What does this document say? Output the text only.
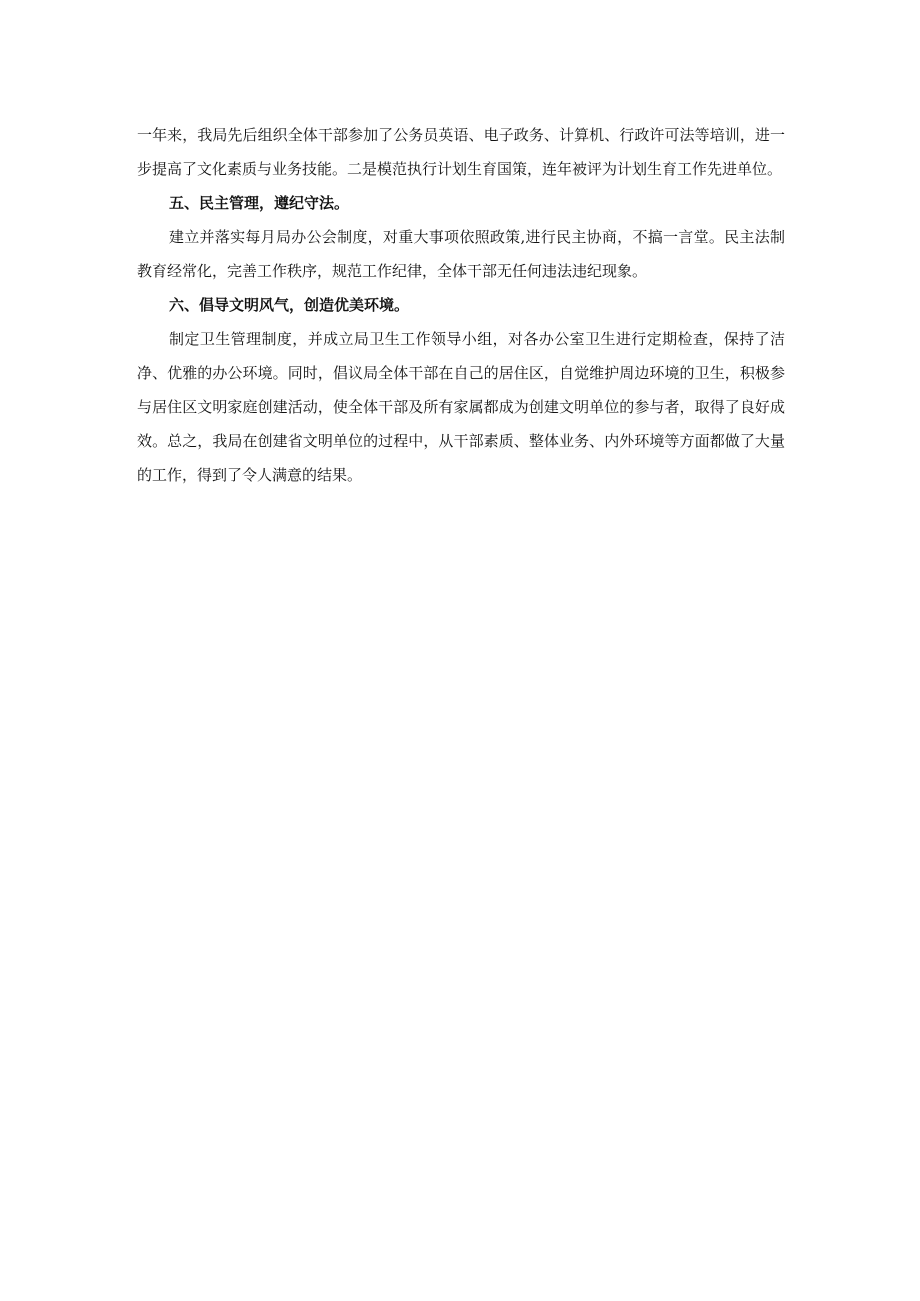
一年来，我局先后组织全体干部参加了公务员英语、电子政务、计算机、行政许可法等培训，进一步提高了文化素质与业务技能。二是模范执行计划生育国策，连年被评为计划生育工作先进单位。

五、民主管理，遵纪守法。

建立并落实每月局办公会制度，对重大事项依照政策,进行民主协商，不搞一言堂。民主法制教育经常化，完善工作秩序，规范工作纪律，全体干部无任何违法违纪现象。

六、倡导文明风气，创造优美环境。

制定卫生管理制度，并成立局卫生工作领导小组，对各办公室卫生进行定期检查，保持了洁净、优雅的办公环境。同时，倡议局全体干部在自己的居住区，自觉维护周边环境的卫生，积极参与居住区文明家庭创建活动，使全体干部及所有家属都成为创建文明单位的参与者，取得了良好成效。总之，我局在创建省文明单位的过程中，从干部素质、整体业务、内外环境等方面都做了大量的工作，得到了令人满意的结果。
